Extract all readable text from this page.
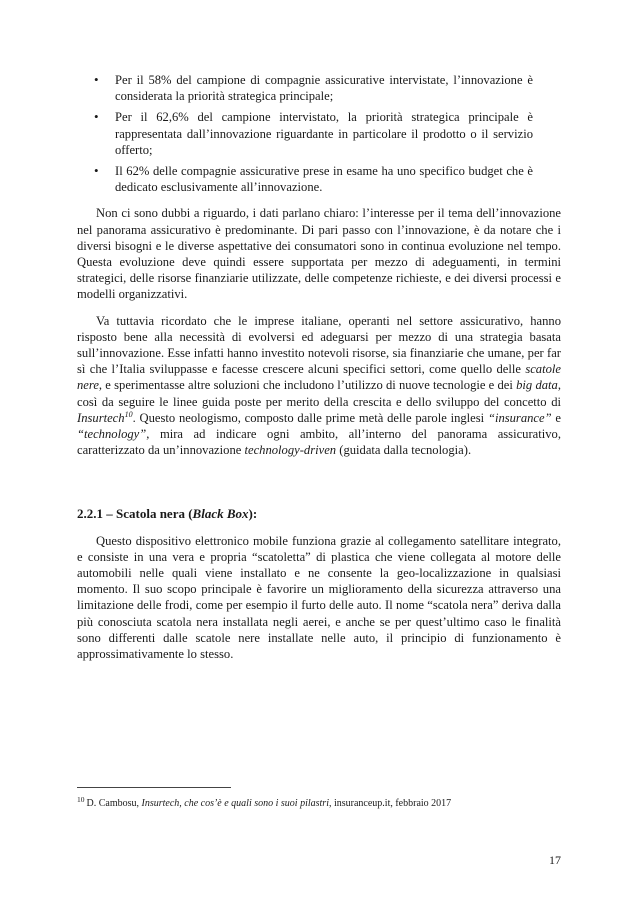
• Per il 58% del campione di compagnie assicurative intervistate, l’innovazione è considerata la priorità strategica principale;
• Per il 62,6% del campione intervistato, la priorità strategica principale è rappresentata dall’innovazione riguardante in particolare il prodotto o il servizio offerto;
• Il 62% delle compagnie assicurative prese in esame ha uno specifico budget che è dedicato esclusivamente all’innovazione.

Non ci sono dubbi a riguardo, i dati parlano chiaro: l’interesse per il tema dell’innovazione nel panorama assicurativo è predominante. Di pari passo con l’innovazione, è da notare che i diversi bisogni e le diverse aspettative dei consumatori sono in continua evoluzione nel tempo. Questa evoluzione deve quindi essere supportata per mezzo di adeguamenti, in termini strategici, delle risorse finanziarie utilizzate, delle competenze richieste, e dei diversi processi e modelli organizzativi.

Va tuttavia ricordato che le imprese italiane, operanti nel settore assicurativo, hanno risposto bene alla necessità di evolversi ed adeguarsi per mezzo di una strategia basata sull’innovazione. Esse infatti hanno investito notevoli risorse, sia finanziarie che umane, per far sì che l’Italia sviluppasse e facesse crescere alcuni specifici settori, come quello delle scatole nere, e sperimentasse altre soluzioni che includono l’utilizzo di nuove tecnologie e dei big data, così da seguire le linee guida poste per merito della crescita e dello sviluppo del concetto di Insurtech$^{10}$. Questo neologismo, composto dalle prime metà delle parole inglesi “insurance” e “technology”, mira ad indicare ogni ambito, all’interno del panorama assicurativo, caratterizzato da un’innovazione technology-driven (guidata dalla tecnologia).

2.2.1 – Scatola nera (Black Box):

Questo dispositivo elettronico mobile funziona grazie al collegamento satellitare integrato, e consiste in una vera e propria “scatoletta” di plastica che viene collegata al motore delle automobili nelle quali viene installato e ne consente la geo-localizzazione in qualsiasi momento. Il suo scopo principale è favorire un miglioramento della sicurezza attraverso una limitazione delle frodi, come per esempio il furto delle auto. Il nome “scatola nera” deriva dalla più conosciuta scatola nera installata negli aerei, e anche se per quest’ultimo caso le finalità sono differenti dalle scatole nere installate nelle auto, il principio di funzionamento è approssimativamente lo stesso.

$^{10}$ D. Cambosu, Insurtech, che cos’è e quali sono i suoi pilastri, insuranceup.it, febbraio 2017
17
